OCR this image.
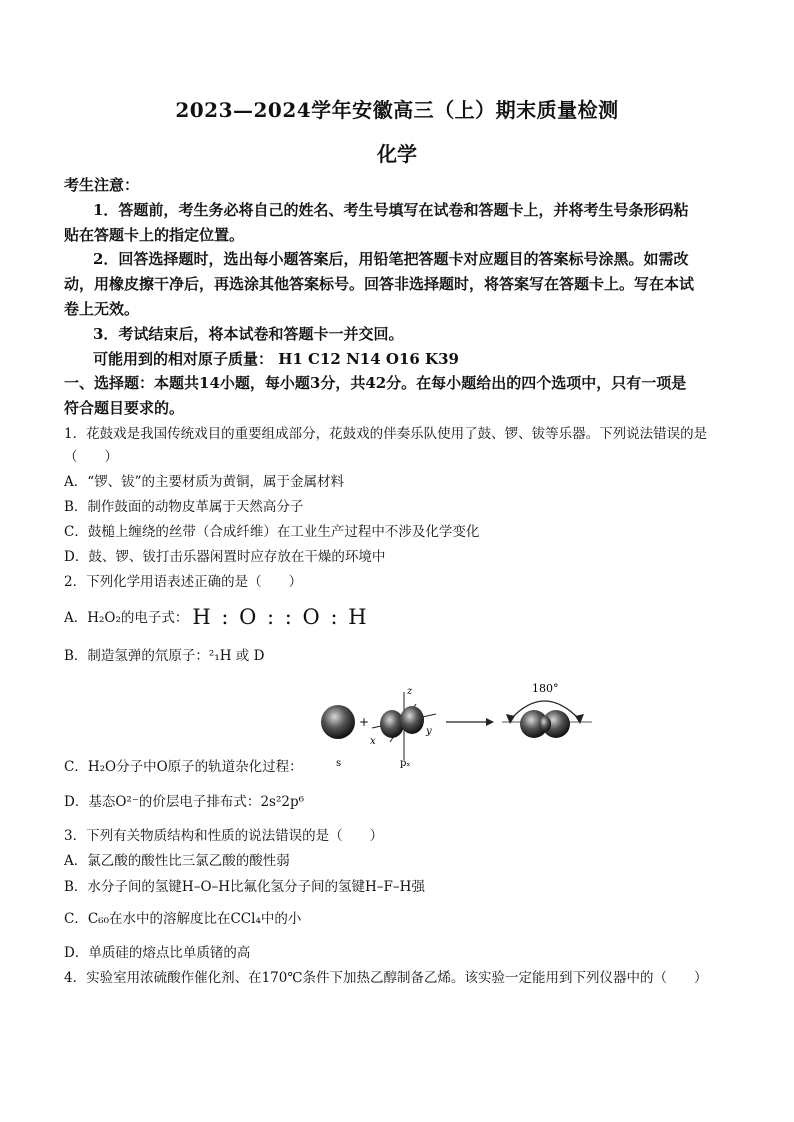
2023—2024学年安徽高三（上）期末质量检测
化学
考生注意：
1．答题前，考生务必将自己的姓名、考生号填写在试卷和答题卡上，并将考生号条形码粘
贴在答题卡上的指定位置。
2．回答选择题时，选出每小题答案后，用铅笔把答题卡对应题目的答案标号涂黑。如需改
动，用橡皮擦干净后，再选涂其他答案标号。回答非选择题时，将答案写在答题卡上。写在本试
卷上无效。
3．考试结束后，将本试卷和答题卡一并交回。
可能用到的相对原子质量： H1 C12 N14 O16 K39
一、选择题：本题共14小题，每小题3分，共42分。在每小题给出的四个选项中，只有一项是
符合题目要求的。
1．花鼓戏是我国传统戏目的重要组成部分，花鼓戏的伴奏乐队使用了鼓、锣、钹等乐器。下列说法错误的是
（　　）
A．“锣、钹”的主要材质为黄铜，属于金属材料
B．制作鼓面的动物皮革属于天然高分子
C．鼓槌上缠绕的丝带（合成纤维）在工业生产过程中不涉及化学变化
D．鼓、锣、钹打击乐器闲置时应存放在干燥的环境中
2．下列化学用语表述正确的是（　　）
A．H₂O₂的电子式： H : O : : O : H
B．制造氢弹的氘原子：²₁H 或 D
+
z
y
x
180°
s	pₓ
C．H₂O分子中O原子的轨道杂化过程：
D．基态O²⁻的价层电子排布式：2s²2p⁶
3．下列有关物质结构和性质的说法错误的是（　　）
A．氯乙酸的酸性比三氯乙酸的酸性弱
B．水分子间的氢键H–O–H比氟化氢分子间的氢键H–F–H强
C．C₆₀在水中的溶解度比在CCl₄中的小
D．单质硅的熔点比单质锗的高
4．实验室用浓硫酸作催化剂、在170℃条件下加热乙醇制备乙烯。该实验一定能用到下列仪器中的（　　）
